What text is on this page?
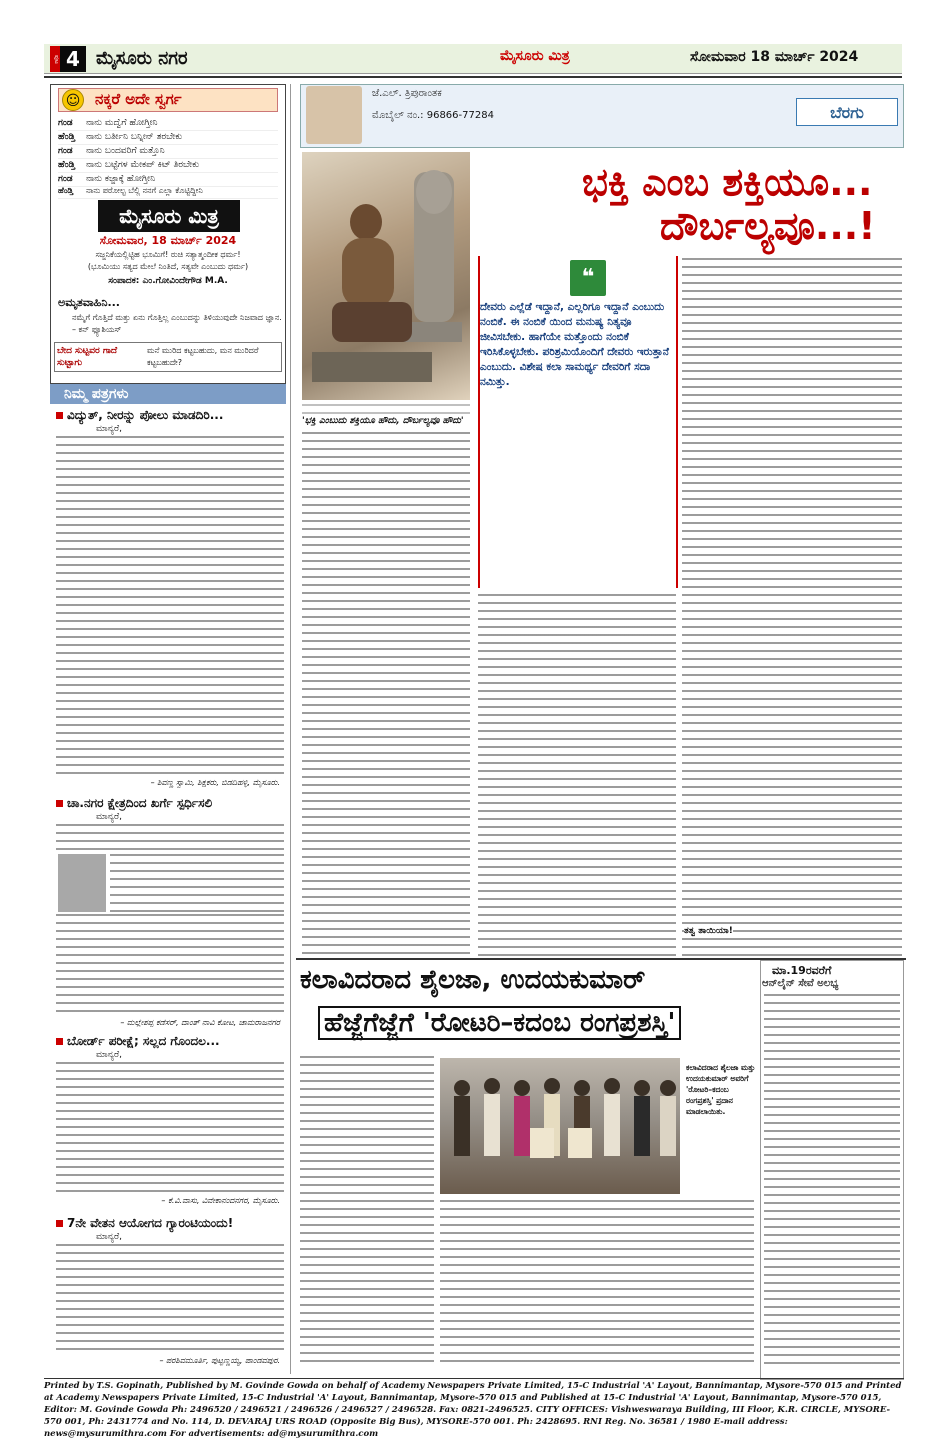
ಪುಟ 4 ಮೈಸೂರು ನಗರ	ಮೈಸೂರು ಮಿತ್ರ	ಸೋಮವಾರ 18 ಮಾರ್ಚ್ 2024
☺ ನಕ್ಕರೆ ಅದೇ ಸ್ವರ್ಗ
ಗಂಡ ನಾನು ಮದ್ವೆಗೆ ಹೋಗ್ತೀನಿ
ಹೆಂಡ್ತಿ ನಾನು ಬರ್ತೀನಿ ಬನ್ನೀನ್ ತರಬೇಕು
ಗಂಡ ನಾನು ಬಂದವರಿಗೆ ಮತ್ತೊನಿ
ಹೆಂಡ್ತಿ ನಾನು ಬಟ್ಟೆಗಳ ಮೇಕಪ್ ಕಿಟ್ ತಿರಬೇಕು
ಗಂಡ ನಾನು ಕಜ್ಜಾಕ್ಕೆ ಹೋಗ್ತೀನಿ
ಹೆಂಡ್ತಿ ನಾನು ಪರೋಲ್ಟ ಬೆಲ್ಲಿ ನನಗೆ ಎಲ್ಲಾ ಕೊಟ್ಟಿದ್ದೀನಿ
ಮೈಸೂರು ಮಿತ್ರ
ಸೋಮವಾರ, 18 ಮಾರ್ಚ್ 2024
ಸಜ್ಜನಿಕೆಯಲ್ಲಿಟ್ಟಿಹ ಭೂಮಿಗೆ! ರುಚಿ ಸತ್ಯಾತ್ಮಂದೀಕ ಧರ್ಮ!
(ಭೂಮಿಯು ಸತ್ಯದ ಮೇಲೆ ನಿಂತಿದೆ, ಸತ್ಯವೇ ಎಂಬುದು ಧರ್ಮ)
ಸಂಪಾದಕ: ಎಂ.ಗೋವಿಂದೇಗೌಡ M.A.
ಅಮೃತವಾಹಿನಿ...
ನಮ್ಮೆಗೆ ಗೊತ್ತಿದೆ ಮತ್ತು ಏನು ಗೊತ್ತಿಲ್ಲ ಎಂಬುದನ್ನು ತಿಳಿಯುವುದೇ ನಿಜವಾದ ಜ್ಞಾನ. – ಕನ್ ಫ್ಯೂಶಿಯಸ್
ಬೇದ ಸುಟ್ಟವರ ಗಾದೆ ಸುಟ್ಟಾಗು
ಮನೆ ಮುರಿದ ಕಟ್ಟಬಹುದು, ಮನ ಮುರಿದರೆ ಕಟ್ಟಬಹುದೇ?
ನಿಮ್ಮ ಪತ್ರಗಳು
ವಿದ್ಯುತ್, ನೀರನ್ನು ಪೋಲು ಮಾಡದಿರಿ...
ಮಾನ್ಯರೆ,
– ಶಿವಣ್ಣ ಸ್ವಾಮಿ, ಶಿಕ್ಷಕರು, ಬಿಡದಿಹಳ್ಳಿ, ಮೈಸೂರು.
ಚಾ.ನಗರ ಕ್ಷೇತ್ರದಿಂದ ಖರ್ಗೆ ಸ್ಪರ್ಧಿಸಲಿ
ಮಾನ್ಯರೆ,
– ಮಲ್ಲೇಶಪ್ಪ ಕಡೆಸರ್, ದಾಂತ್‌ ನಾವಿ ಕೋಟ, ಚಾಮರಾಜನಗರ
ಬೋರ್ಡ್ ಪರೀಕ್ಷೆ; ಸಲ್ಲದ ಗೊಂದಲ...
ಮಾನ್ಯರೆ,
– ಕೆ.ವಿ.ವಾಸು, ವಿವೇಕಾನಂದನಗರ, ಮೈಸೂರು.
7ನೇ ವೇತನ ಆಯೋಗದ ಗ್ಯಾರಂಟಿಯಂದು!
ಮಾನ್ಯರೆ,
– ಪರಶಿವಮೂರ್ತಿ, ಪುಟ್ಟಣ್ಣಯ್ಯ, ಪಾಂಡವಪುರ.
ಜೆ.ಎಲ್. ತ್ರಿಪುರಾಂತಕ
ಮೊಬೈಲ್ ನಂ.: 96866-77284	ಬೆರಗು
ಭಕ್ತಿ ಎಂಬ ಶಕ್ತಿಯೂ...
ದೌರ್ಬಲ್ಯವೂ...!
❝
ದೇವರು ಎಲ್ಲೆಡೆ ಇದ್ದಾನೆ, ಎಲ್ಲರಿಗೂ ಇದ್ದಾನೆ ಎಂಬುದು ನಂಬಿಕೆ. ಈ ನಂಬಿಕೆ ಯಿಂದ ಮನುಷ್ಯ ನಿತ್ಯವೂ ಜೀವಿಸಬೇಕು. ಹಾಗೆಯೇ ಮತ್ತೊಂದು ನಂಬಿಕೆ ಇರಿಸಿಕೊಳ್ಳಬೇಕು. ಪರಿಶ್ರಮಿಯೊಂದಿಗೆ ದೇವರು ಇರುತ್ತಾನೆ ಎಂಬುದು. ವಿಶೇಷ ಕಲಾ ಸಾಮರ್ಥ್ಯ ದೇವರಿಗೆ ಸದಾ ನಮಿತ್ತು.
'ಭಕ್ತಿ ಎಂಬುದು ಶಕ್ತಿಯೂ ಹೌದು, ದೌರ್ಬಲ್ಯವೂ ಹೌದು'
ತತ್ವ ತಾಯಿಯಾ!
ಕಲಾವಿದರಾದ ಶೈಲಜಾ, ಉದಯಕುಮಾರ್
ಹೆಜ್ಜೆಗೆಜ್ಜೆಗೆ 'ರೋಟರಿ–ಕದಂಬ ರಂಗಪ್ರಶಸ್ತಿ'
ಕಲಾವಿದರಾದ ಶೈಲಜಾ ಮತ್ತು ಉದಯಕುಮಾರ್ ಅವರಿಗೆ 'ರೋಟರಿ–ಕದಂಬ ರಂಗಪ್ರಶಸ್ತಿ' ಪ್ರದಾನ ಮಾಡಲಾಯಿತು.
ಮಾ.19ರವರೆಗೆ
ಆನ್‌ಲೈನ್ ಸೇವೆ ಅಲಭ್ಯ
Printed by T.S. Gopinath, Published by M. Govinde Gowda on behalf of Academy Newspapers Private Limited, 15-C Industrial 'A' Layout, Bannimantap, Mysore-570 015 and Printed at Academy Newspapers Private Limited, 15-C Industrial 'A' Layout, Bannimantap, Mysore-570 015 and Published at 15-C Industrial 'A' Layout, Bannimantap, Mysore-570 015, Editor: M. Govinde Gowda Ph: 2496520 / 2496521 / 2496526 / 2496527 / 2496528. Fax: 0821-2496525. CITY OFFICES: Vishweswaraya Building, III Floor, K.R. CIRCLE, MYSORE-570 001, Ph: 2431774 and No. 114, D. DEVARAJ URS ROAD (Opposite Big Bus), MYSORE-570 001. Ph: 2428695. RNI Reg. No. 36581 / 1980 E-mail address: news@mysurumithra.com For advertisements: ad@mysurumithra.com
